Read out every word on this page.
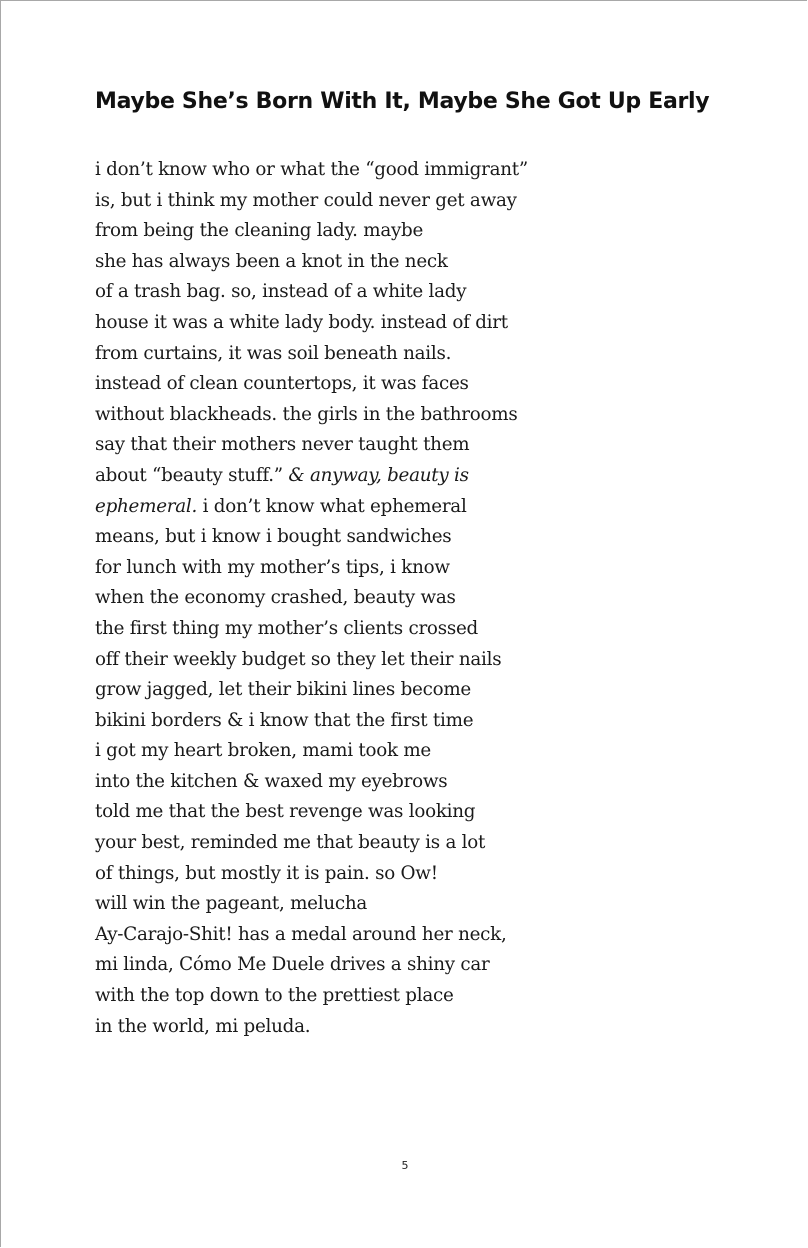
Maybe She’s Born With It, Maybe She Got Up Early
i don’t know who or what the “good immigrant”
is, but i think my mother could never get away
from being the cleaning lady. maybe
she has always been a knot in the neck
of a trash bag. so, instead of a white lady
house it was a white lady body. instead of dirt
from curtains, it was soil beneath nails.
instead of clean countertops, it was faces
without blackheads. the girls in the bathrooms
say that their mothers never taught them
about “beauty stuff.” & anyway, beauty is
ephemeral. i don’t know what ephemeral
means, but i know i bought sandwiches
for lunch with my mother’s tips, i know
when the economy crashed, beauty was
the first thing my mother’s clients crossed
off their weekly budget so they let their nails
grow jagged, let their bikini lines become
bikini borders & i know that the first time
i got my heart broken, mami took me
into the kitchen & waxed my eyebrows
told me that the best revenge was looking
your best, reminded me that beauty is a lot
of things, but mostly it is pain. so Ow!
will win the pageant, melucha
Ay-Carajo-Shit! has a medal around her neck,
mi linda, Cómo Me Duele drives a shiny car
with the top down to the prettiest place
in the world, mi peluda.
5
